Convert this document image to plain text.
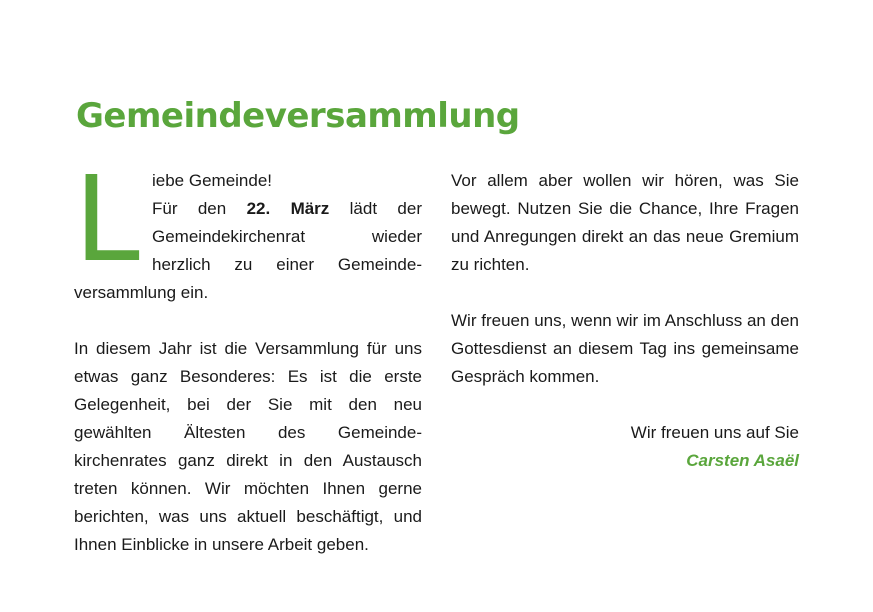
Gemeindeversammlung
L iebe Gemeinde!
Für den 22. März lädt der Gemeindekirchenrat wieder herzlich zu einer Gemeinde-versammlung ein.

In diesem Jahr ist die Versammlung für uns etwas ganz Besonderes: Es ist die erste Gelegenheit, bei der Sie mit den neu gewählten Ältesten des Gemeinde-kirchenrates ganz direkt in den Austausch treten können. Wir möchten Ihnen gerne berichten, was uns aktuell beschäftigt, und Ihnen Einblicke in unsere Arbeit geben.

Vor allem aber wollen wir hören, was Sie bewegt. Nutzen Sie die Chance, Ihre Fragen und Anregungen direkt an das neue Gremium zu richten.

Wir freuen uns, wenn wir im Anschluss an den Gottesdienst an diesem Tag ins gemeinsame Gespräch kommen.

Wir freuen uns auf Sie

Carsten Asaël
